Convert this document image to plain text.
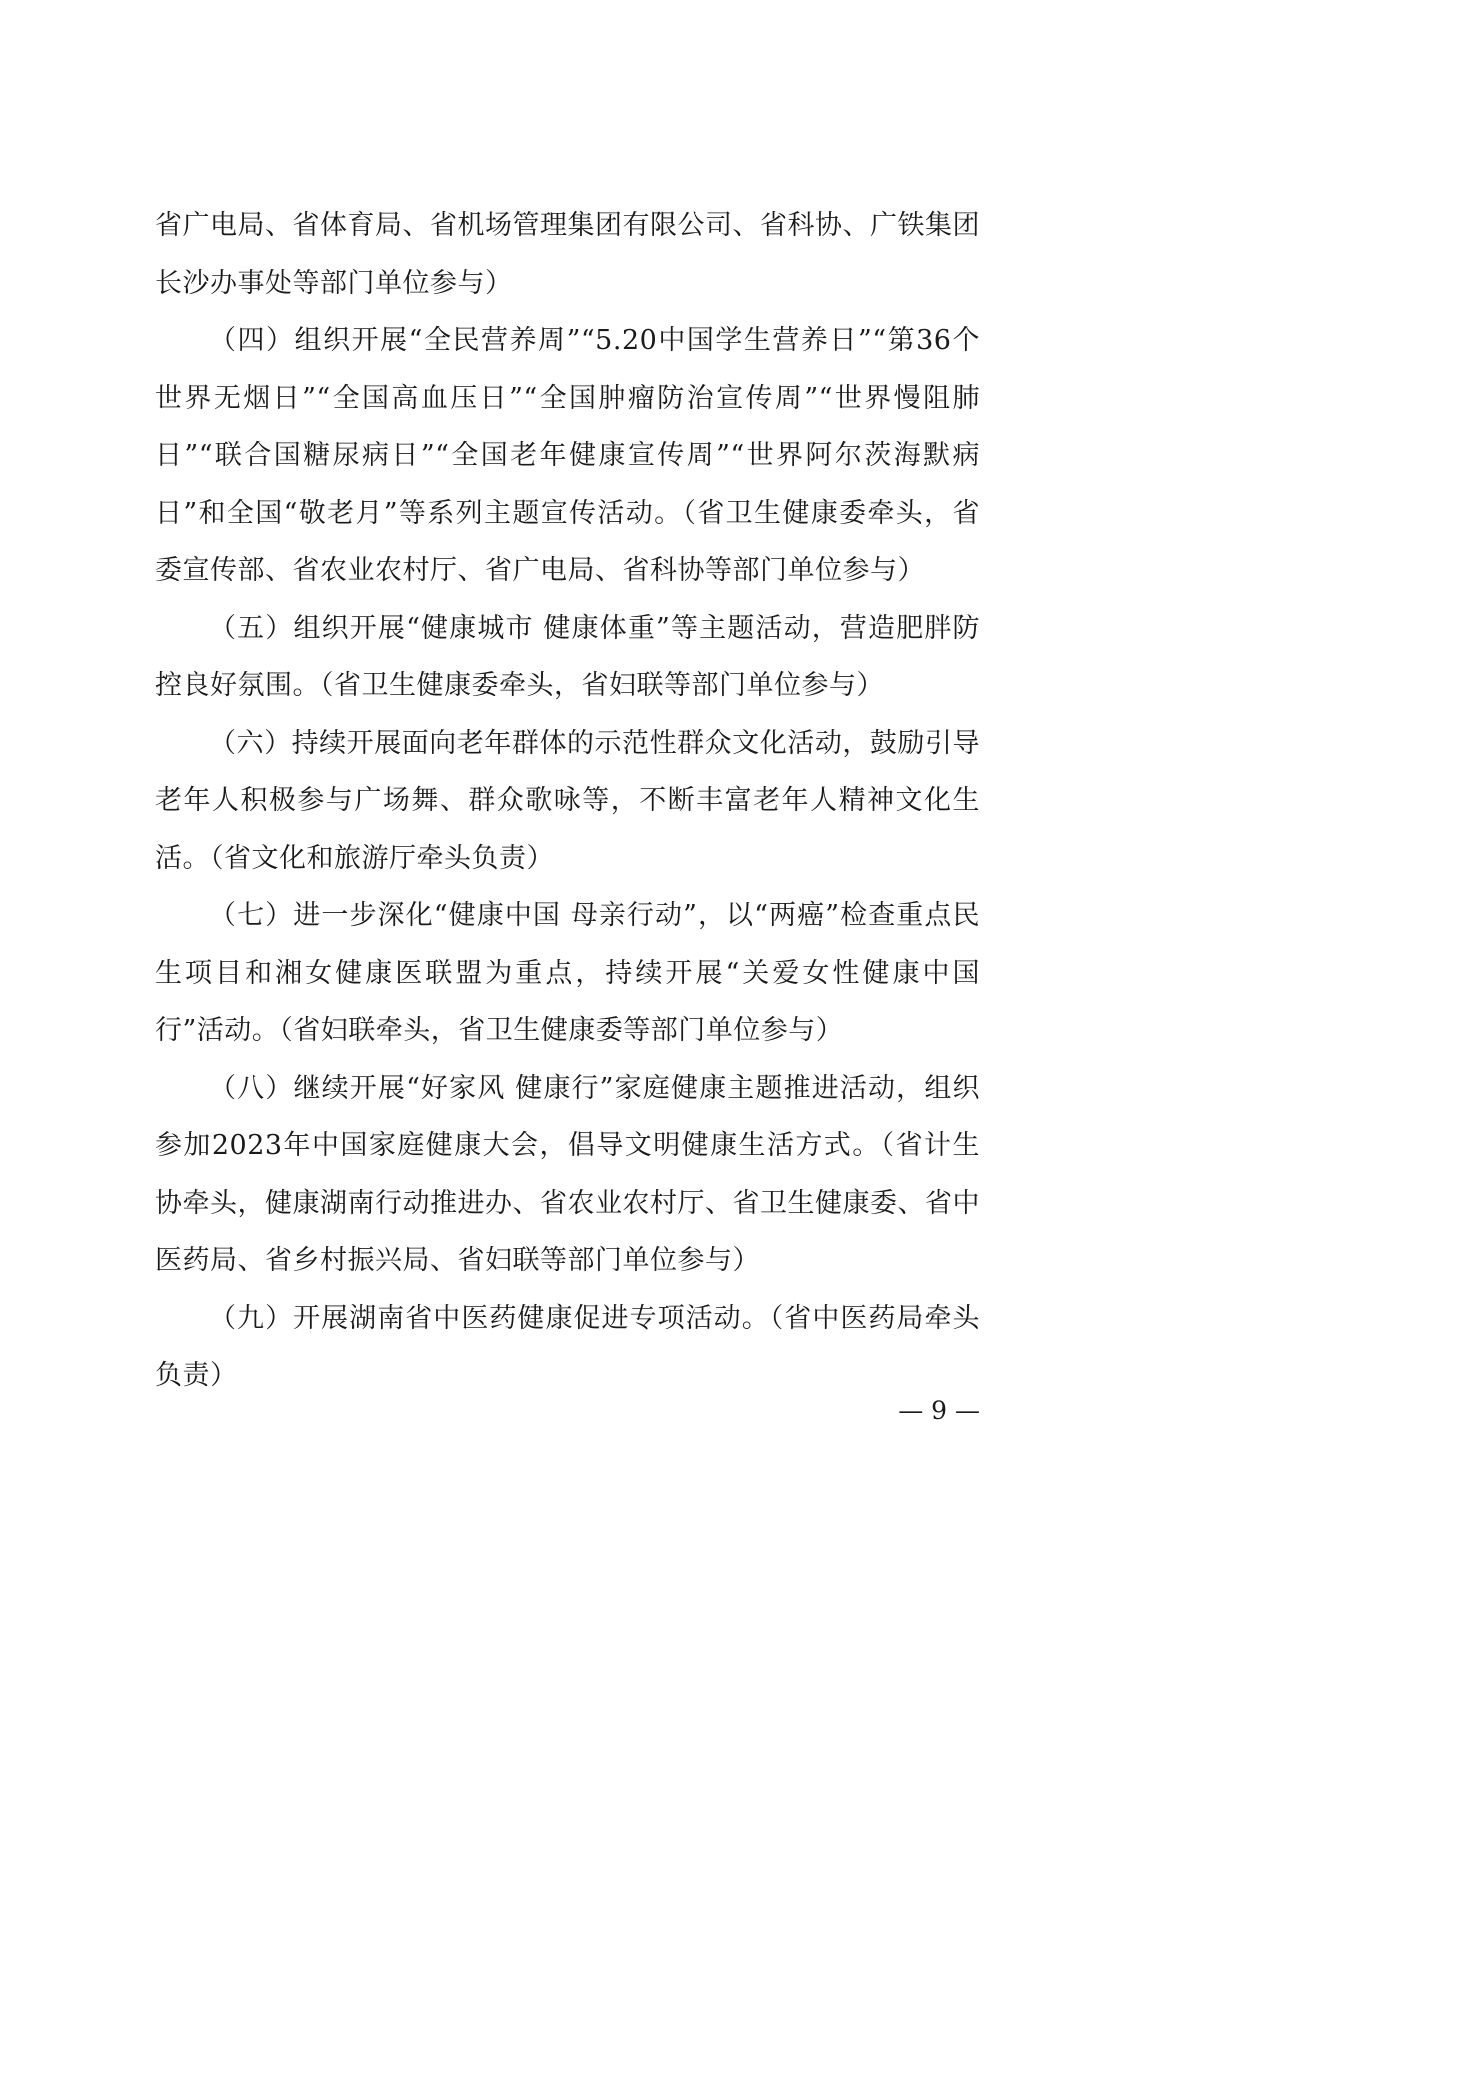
省广电局、省体育局、省机场管理集团有限公司、省科协、广铁集团长沙办事处等部门单位参与）

（四）组织开展“全民营养周”“5.20中国学生营养日”“第36个世界无烟日”“全国高血压日”“全国肿瘤防治宣传周”“世界慢阻肺日”“联合国糖尿病日”“全国老年健康宣传周”“世界阿尔茨海默病日”和全国“敬老月”等系列主题宣传活动。（省卫生健康委牵头，省委宣传部、省农业农村厅、省广电局、省科协等部门单位参与）

（五）组织开展“健康城市 健康体重”等主题活动，营造肥胖防控良好氛围。（省卫生健康委牵头，省妇联等部门单位参与）

（六）持续开展面向老年群体的示范性群众文化活动，鼓励引导老年人积极参与广场舞、群众歌咏等，不断丰富老年人精神文化生活。（省文化和旅游厅牵头负责）

（七）进一步深化“健康中国 母亲行动”，以“两癌”检查重点民生项目和湘女健康医联盟为重点，持续开展“关爱女性健康中国行”活动。（省妇联牵头，省卫生健康委等部门单位参与）

（八）继续开展“好家风 健康行”家庭健康主题推进活动，组织参加2023年中国家庭健康大会，倡导文明健康生活方式。（省计生协牵头，健康湖南行动推进办、省农业农村厅、省卫生健康委、省中医药局、省乡村振兴局、省妇联等部门单位参与）

（九）开展湖南省中医药健康促进专项活动。（省中医药局牵头负责）

— 9 —
